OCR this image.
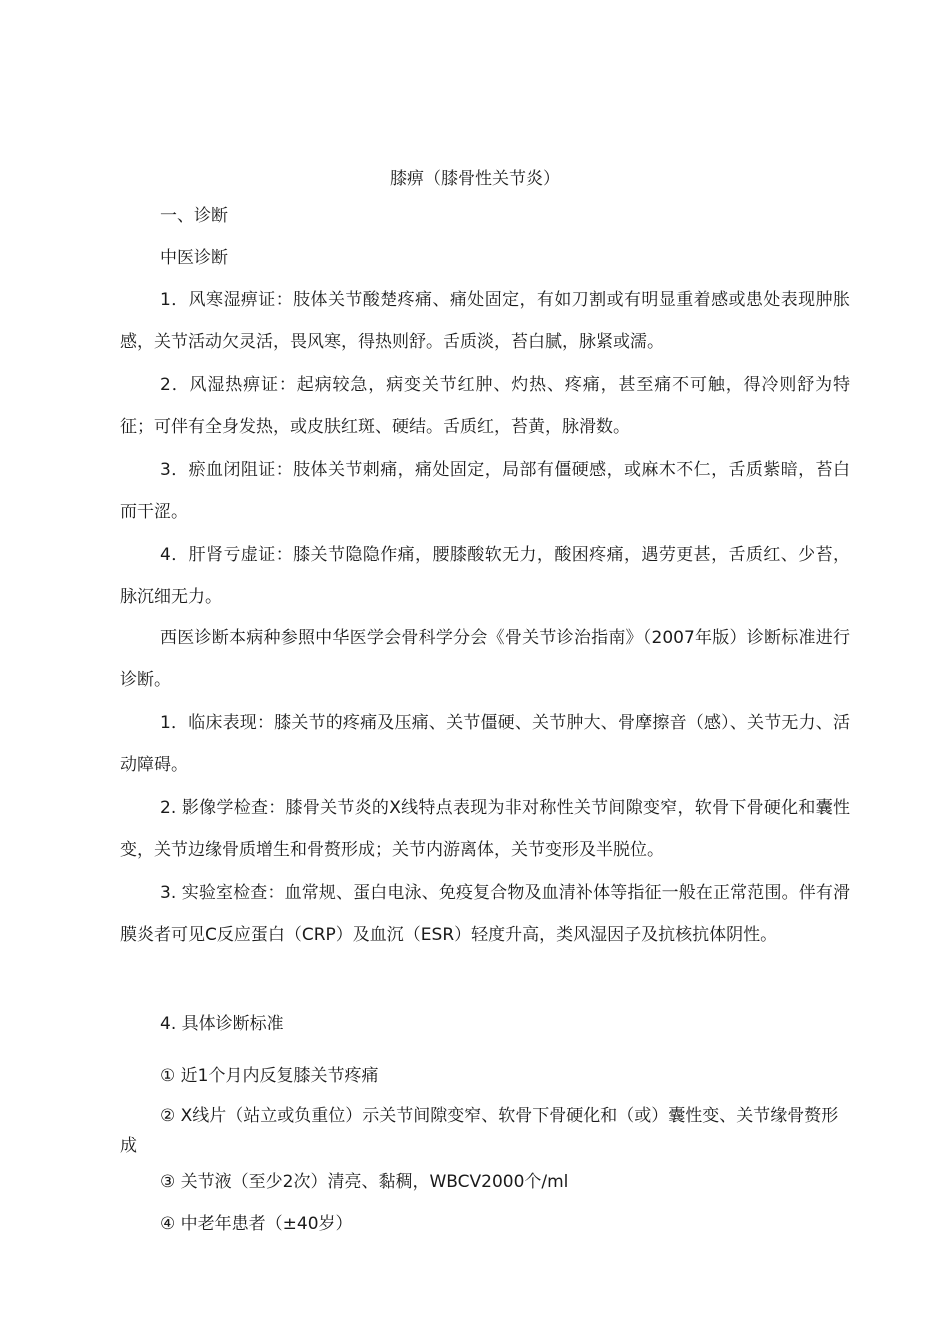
膝痹（膝骨性关节炎）
一、诊断
中医诊断
1．风寒湿痹证：肢体关节酸楚疼痛、痛处固定，有如刀割或有明显重着感或患处表现肿胀感，关节活动欠灵活，畏风寒，得热则舒。舌质淡，苔白腻，脉紧或濡。
2．风湿热痹证：起病较急，病变关节红肿、灼热、疼痛，甚至痛不可触，得冷则舒为特征；可伴有全身发热，或皮肤红斑、硬结。舌质红，苔黄，脉滑数。
3．瘀血闭阻证：肢体关节刺痛，痛处固定，局部有僵硬感，或麻木不仁，舌质紫暗，苔白而干涩。
4．肝肾亏虚证：膝关节隐隐作痛，腰膝酸软无力，酸困疼痛，遇劳更甚，舌质红、少苔，脉沉细无力。
西医诊断本病种参照中华医学会骨科学分会《骨关节诊治指南》（2007年版）诊断标准进行诊断。
1．临床表现：膝关节的疼痛及压痛、关节僵硬、关节肿大、骨摩擦音（感）、关节无力、活动障碍。
2. 影像学检查：膝骨关节炎的X线特点表现为非对称性关节间隙变窄，软骨下骨硬化和囊性变，关节边缘骨质增生和骨赘形成；关节内游离体，关节变形及半脱位。
3. 实验室检查：血常规、蛋白电泳、免疫复合物及血清补体等指征一般在正常范围。伴有滑膜炎者可见C反应蛋白（CRP）及血沉（ESR）轻度升高，类风湿因子及抗核抗体阴性。
4. 具体诊断标准
① 近1个月内反复膝关节疼痛
② X线片（站立或负重位）示关节间隙变窄、软骨下骨硬化和（或）囊性变、关节缘骨赘形成
③ 关节液（至少2次）清亮、黏稠，WBCV2000个/ml
④ 中老年患者（±40岁）
